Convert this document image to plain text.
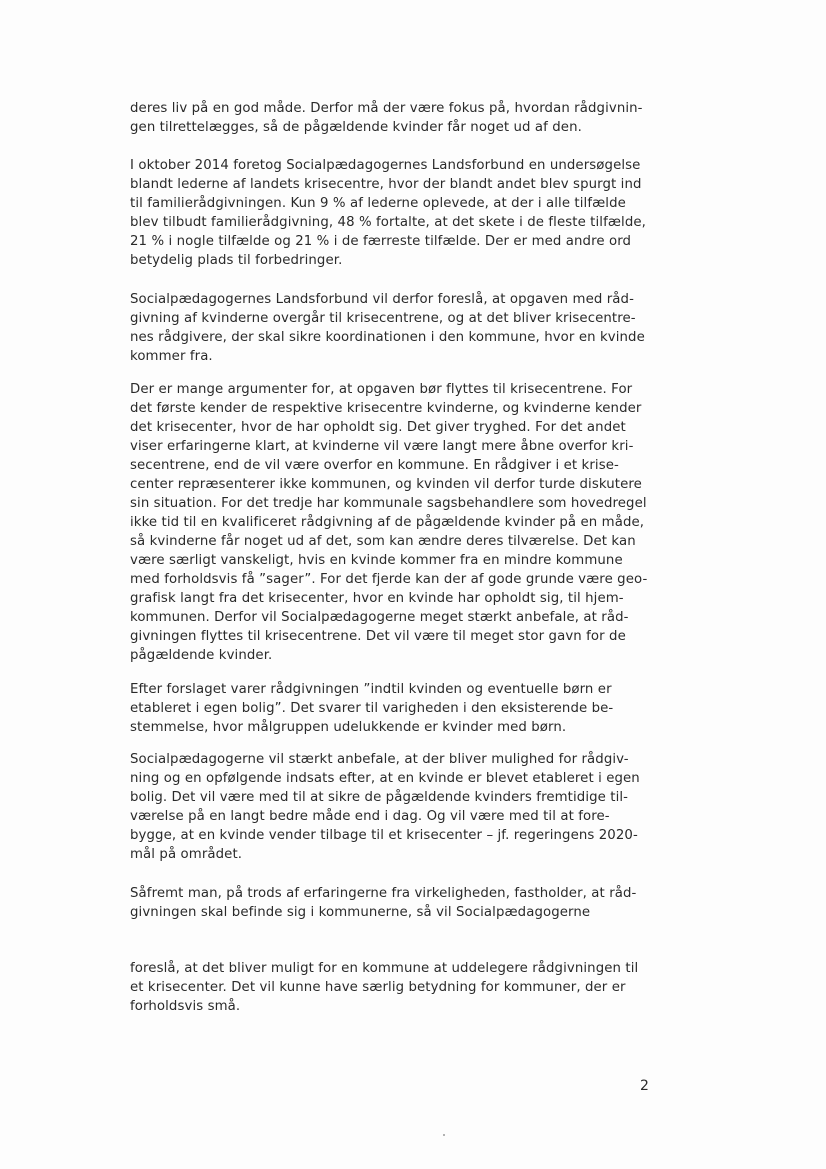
deres liv på en god måde. Derfor må der være fokus på, hvordan rådgivnin-
gen tilrettelægges, så de pågældende kvinder får noget ud af den.

I oktober 2014 foretog Socialpædagogernes Landsforbund en undersøgelse
blandt lederne af landets krisecentre, hvor der blandt andet blev spurgt ind
til familierådgivningen. Kun 9 % af lederne oplevede, at der i alle tilfælde
blev tilbudt familierådgivning, 48 % fortalte, at det skete i de fleste tilfælde,
21 % i nogle tilfælde og 21 % i de færreste tilfælde. Der er med andre ord
betydelig plads til forbedringer.

Socialpædagogernes Landsforbund vil derfor foreslå, at opgaven med råd-
givning af kvinderne overgår til krisecentrene, og at det bliver krisecentre-
nes rådgivere, der skal sikre koordinationen i den kommune, hvor en kvinde
kommer fra.

Der er mange argumenter for, at opgaven bør flyttes til krisecentrene. For
det første kender de respektive krisecentre kvinderne, og kvinderne kender
det krisecenter, hvor de har opholdt sig. Det giver tryghed. For det andet
viser erfaringerne klart, at kvinderne vil være langt mere åbne overfor kri-
secentrene, end de vil være overfor en kommune. En rådgiver i et krise-
center repræsenterer ikke kommunen, og kvinden vil derfor turde diskutere
sin situation. For det tredje har kommunale sagsbehandlere som hovedregel
ikke tid til en kvalificeret rådgivning af de pågældende kvinder på en måde,
så kvinderne får noget ud af det, som kan ændre deres tilværelse. Det kan
være særligt vanskeligt, hvis en kvinde kommer fra en mindre kommune
med forholdsvis få ”sager”. For det fjerde kan der af gode grunde være geo-
grafisk langt fra det krisecenter, hvor en kvinde har opholdt sig, til hjem-
kommunen. Derfor vil Socialpædagogerne meget stærkt anbefale, at råd-
givningen flyttes til krisecentrene. Det vil være til meget stor gavn for de
pågældende kvinder.

Efter forslaget varer rådgivningen ”indtil kvinden og eventuelle børn er
etableret i egen bolig”. Det svarer til varigheden i den eksisterende be-
stemmelse, hvor målgruppen udelukkende er kvinder med børn.

Socialpædagogerne vil stærkt anbefale, at der bliver mulighed for rådgiv-
ning og en opfølgende indsats efter, at en kvinde er blevet etableret i egen
bolig. Det vil være med til at sikre de pågældende kvinders fremtidige til-
værelse på en langt bedre måde end i dag. Og vil være med til at fore-
bygge, at en kvinde vender tilbage til et krisecenter – jf. regeringens 2020-
mål på området.

Såfremt man, på trods af erfaringerne fra virkeligheden, fastholder, at råd-
givningen skal befinde sig i kommunerne, så vil Socialpædagogerne

foreslå, at det bliver muligt for en kommune at uddelegere rådgivningen til
et krisecenter. Det vil kunne have særlig betydning for kommuner, der er
forholdsvis små.

2
